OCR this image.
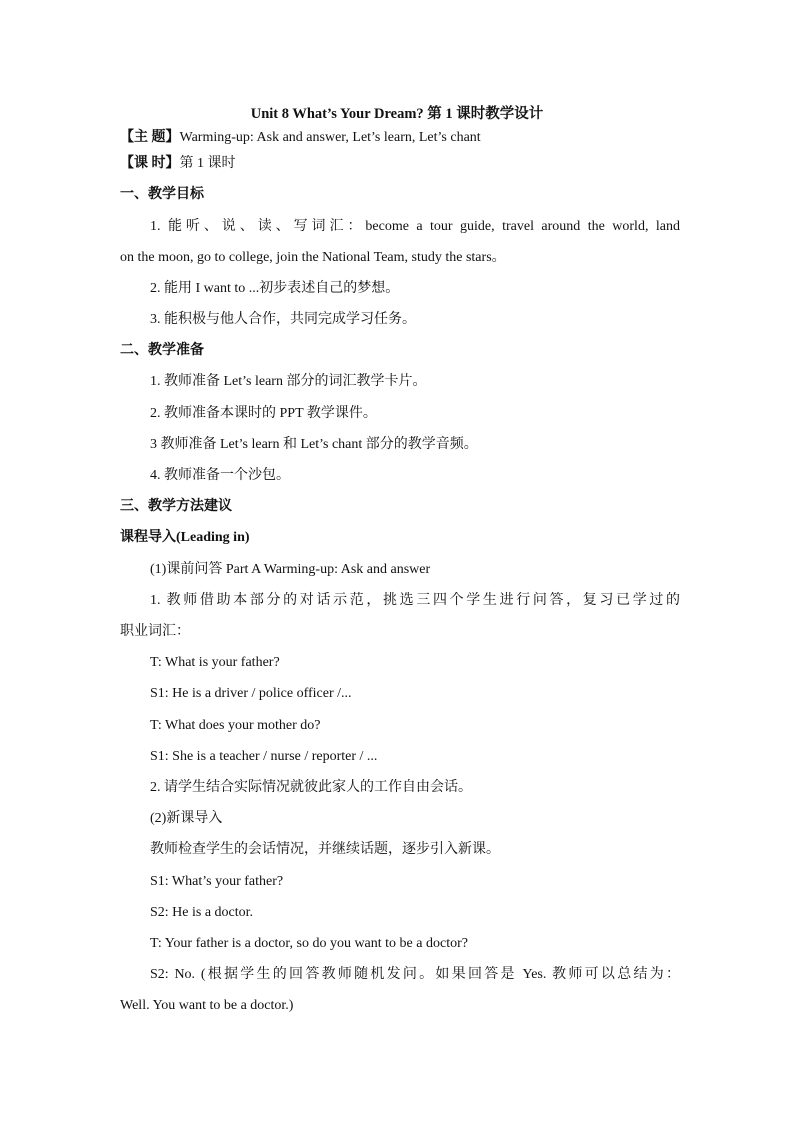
Unit 8 What’s Your Dream? 第 1 课时教学设计
【主 题】Warming-up: Ask and answer, Let’s learn, Let’s chant
【课 时】第 1 课时
一、教学目标
1. 能听、说、读、写词汇：become a tour guide, travel around the world, land
on the moon, go to college, join the National Team, study the stars。
2. 能用 I want to ...初步表述自己的梦想。
3. 能积极与他人合作，共同完成学习任务。
二、教学准备
1. 教师准备 Let’s learn 部分的词汇教学卡片。
2. 教师准备本课时的 PPT 教学课件。
3 教师准备 Let’s learn 和 Let’s chant 部分的教学音频。
4. 教师准备一个沙包。
三、教学方法建议
课程导入(Leading in)
(1)课前问答 Part A Warming-up: Ask and answer
1. 教师借助本部分的对话示范，挑选三四个学生进行问答，复习已学过的
职业词汇：
T: What is your father?
S1: He is a driver / police officer /...
T: What does your mother do?
S1: She is a teacher / nurse / reporter / ...
2. 请学生结合实际情况就彼此家人的工作自由会话。
(2)新课导入
教师检查学生的会话情况，并继续话题，逐步引入新课。
S1: What’s your father?
S2: He is a doctor.
T: Your father is a doctor, so do you want to be a doctor?
S2: No. (根据学生的回答教师随机发问。如果回答是 Yes. 教师可以总结为：
Well. You want to be a doctor.)
